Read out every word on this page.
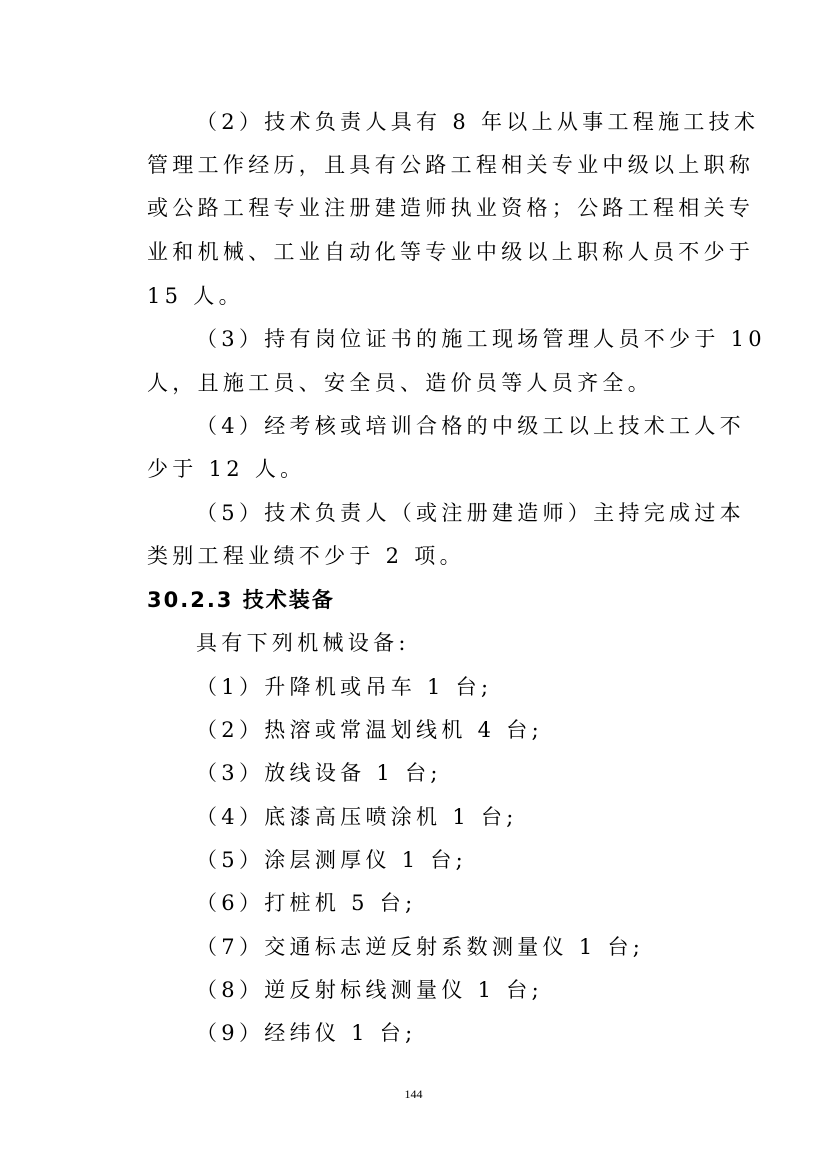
（2）技术负责人具有 8 年以上从事工程施工技术
管理工作经历，且具有公路工程相关专业中级以上职称
或公路工程专业注册建造师执业资格；公路工程相关专
业和机械、工业自动化等专业中级以上职称人员不少于
15 人。
（3）持有岗位证书的施工现场管理人员不少于 10
人，且施工员、安全员、造价员等人员齐全。
（4）经考核或培训合格的中级工以上技术工人不
少于 12 人。
（5）技术负责人（或注册建造师）主持完成过本
类别工程业绩不少于 2 项。
30.2.3 技术装备
具有下列机械设备:
（1）升降机或吊车 1 台;
（2）热溶或常温划线机 4 台;
（3）放线设备 1 台;
（4）底漆高压喷涂机 1 台;
（5）涂层测厚仪 1 台;
（6）打桩机 5 台;
（7）交通标志逆反射系数测量仪 1 台;
（8）逆反射标线测量仪 1 台;
（9）经纬仪 1 台;
144
